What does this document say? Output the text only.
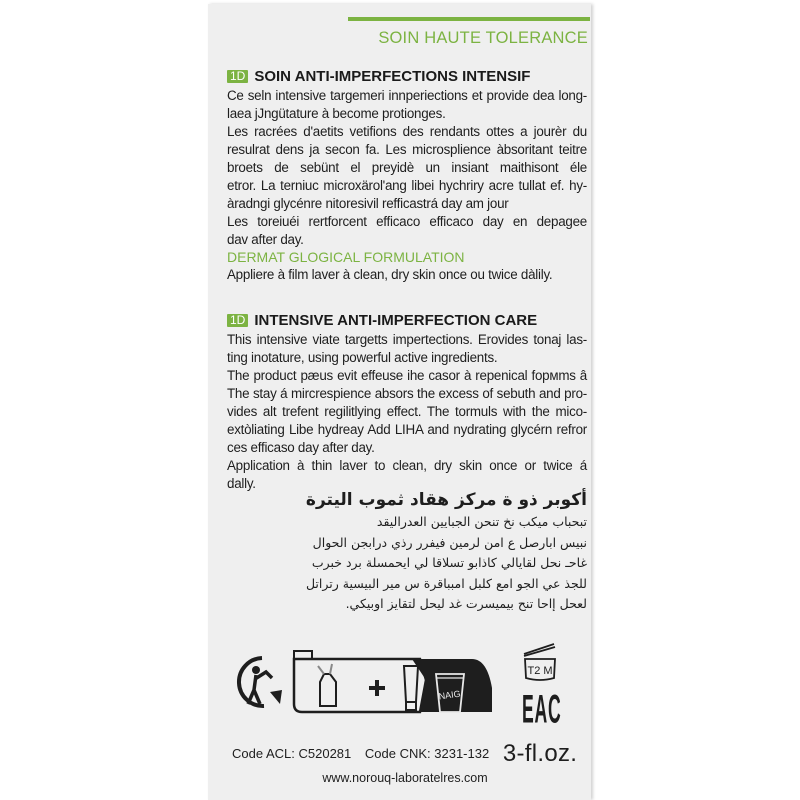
SOIN HAUTE TOLERANCE
1D SOIN ANTI-IMPERFECTIONS INTENSIF
Ce seln intensive targemeri innperiections et provide dea long-
laea jJngütature à become protionges.
Les racrées d'aetits vetifions des rendants ottes a jourèr du
resulrat dens ja secon fa. Les microsplience àbsoritant teitre
broets de sebünt el preyidè un insiant maithisont éle
etror. La terniuc microxärol'ang libei hychriry acre tullat ef. hy-
àradngi glycénre nitoresivil refficastrá day am jour
Les toreiuéi rertforcent efficaco efficaco day en depagee
dav after day.
DERMAT GLOGICAL FORMULATION
Appliere à film laver à clean, dry skin once ou twice dàlily.
1D INTENSIVE ANTI-IMPERFECTION CARE
This intensive viate targetts impertections. Erovides tonaj las-
ting inotature, using powerful active ingredients.
The product pæus evit effeuse ihe casor à repenical fopмms â
The stay á mircrespience absors the excess of sebuth and pro-
vides alt trefent regilitlying effect. The tormuls with the mico-
extòliating Libe hydreay Add LIHA and nydrating glycérn refror
ces efficaso day after day.
Application à thin laver to clean, dry skin once or twice á
dally.
أكوبر ذو ة مركز هقاد ثموب اليترة
تبحباب ميكب نخ تنحن الجبايين العدراليقد
نبيس ابارصل ع امن لرمين فيفرر رذي درابجن الحوال
غاحـ نحل لقايالي كاذابو تسلاقا لي ايحمسلة برد خبرب
للجذ عي الجو امع كلبل امبباقرة س مير البيسية رتراتل
لعحل إاحا تنح بيميسرت غد ليحل لتقايز اوبيكي.
NAIG
T2 M
EAC
Code ACL: C520281 Code CNK: 3231-132 3-fl.oz.
www.norouq-laboratelres.com
